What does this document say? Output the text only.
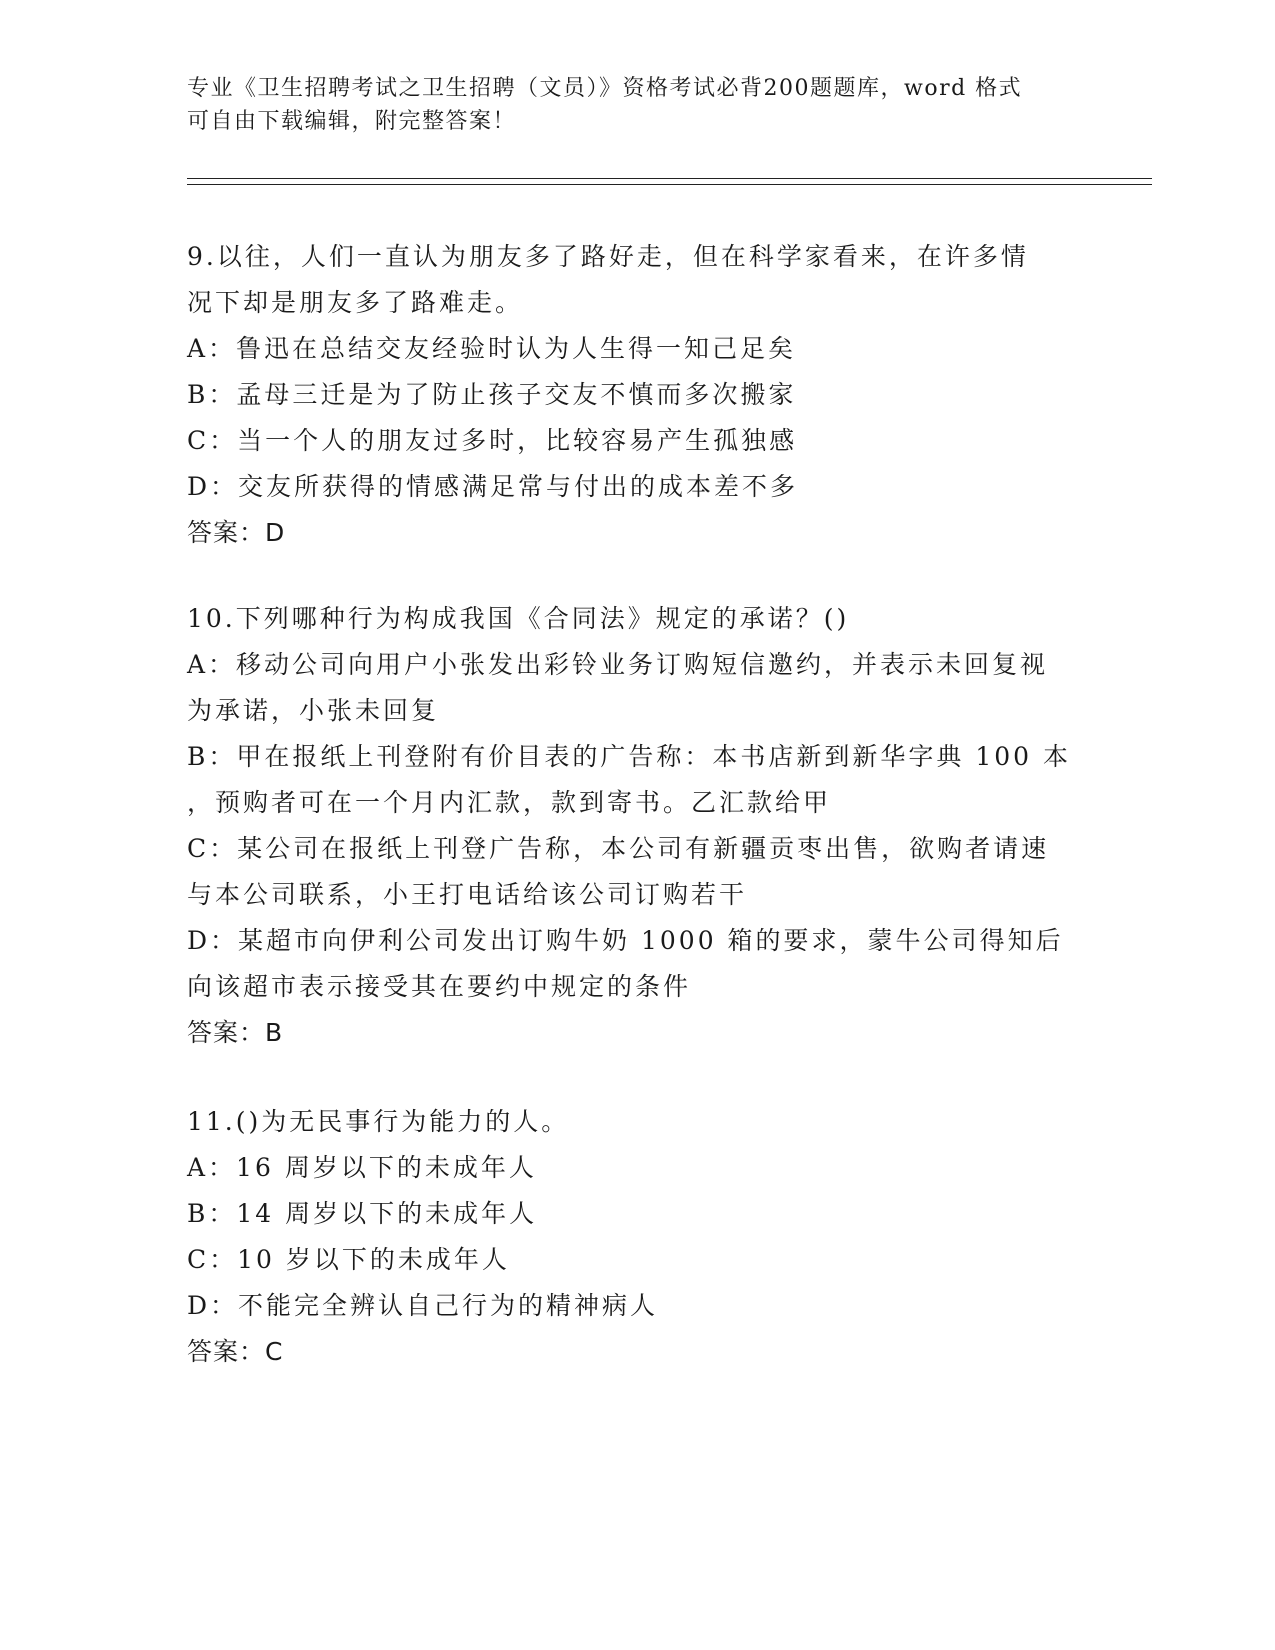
专业《卫生招聘考试之卫生招聘（文员）》资格考试必背200题题库，word 格式
可自由下载编辑，附完整答案！
9.以往，人们一直认为朋友多了路好走，但在科学家看来，在许多情
况下却是朋友多了路难走。
A：鲁迅在总结交友经验时认为人生得一知己足矣
B：孟母三迁是为了防止孩子交友不慎而多次搬家
C：当一个人的朋友过多时，比较容易产生孤独感
D：交友所获得的情感满足常与付出的成本差不多
答案：D
10.下列哪种行为构成我国《合同法》规定的承诺？()
A：移动公司向用户小张发出彩铃业务订购短信邀约，并表示未回复视
为承诺，小张未回复
B：甲在报纸上刊登附有价目表的广告称：本书店新到新华字典 100 本
，预购者可在一个月内汇款，款到寄书。乙汇款给甲
C：某公司在报纸上刊登广告称，本公司有新疆贡枣出售，欲购者请速
与本公司联系，小王打电话给该公司订购若干
D：某超市向伊利公司发出订购牛奶 1000 箱的要求，蒙牛公司得知后
向该超市表示接受其在要约中规定的条件
答案：B
11.()为无民事行为能力的人。
A：16 周岁以下的未成年人
B：14 周岁以下的未成年人
C：10 岁以下的未成年人
D：不能完全辨认自己行为的精神病人
答案：C
